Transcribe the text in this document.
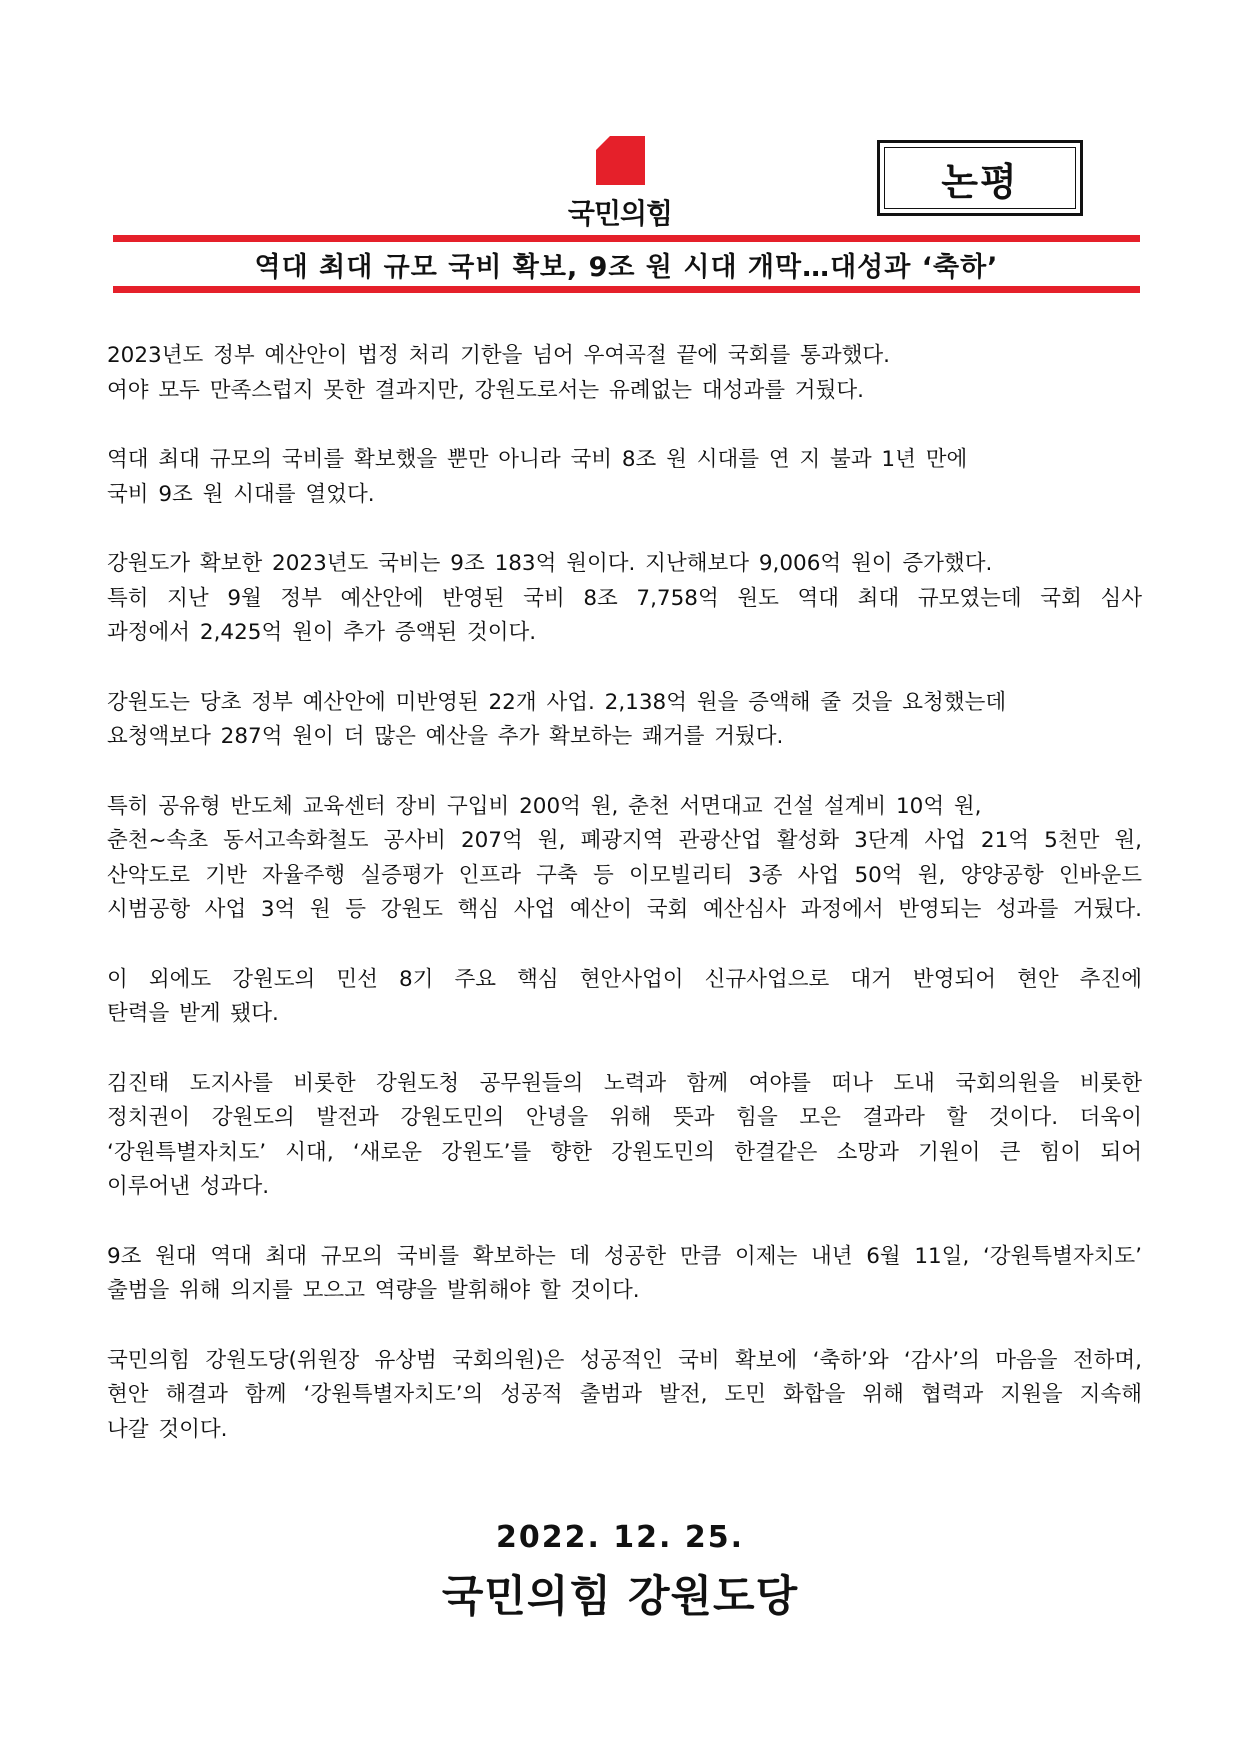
국민의힘
논평
역대 최대 규모 국비 확보, 9조 원 시대 개막…대성과 ‘축하’
2023년도 정부 예산안이 법정 처리 기한을 넘어 우여곡절 끝에 국회를 통과했다.
여야 모두 만족스럽지 못한 결과지만, 강원도로서는 유례없는 대성과를 거뒀다.
역대 최대 규모의 국비를 확보했을 뿐만 아니라 국비 8조 원 시대를 연 지 불과 1년 만에
국비 9조 원 시대를 열었다.
강원도가 확보한 2023년도 국비는 9조 183억 원이다. 지난해보다 9,006억 원이 증가했다.
특히 지난 9월 정부 예산안에 반영된 국비 8조 7,758억 원도 역대 최대 규모였는데 국회 심사
과정에서 2,425억 원이 추가 증액된 것이다.
강원도는 당초 정부 예산안에 미반영된 22개 사업. 2,138억 원을 증액해 줄 것을 요청했는데
요청액보다 287억 원이 더 많은 예산을 추가 확보하는 쾌거를 거뒀다.
특히 공유형 반도체 교육센터 장비 구입비 200억 원, 춘천 서면대교 건설 설계비 10억 원,
춘천~속초 동서고속화철도 공사비 207억 원, 폐광지역 관광산업 활성화 3단계 사업 21억 5천만 원,
산악도로 기반 자율주행 실증평가 인프라 구축 등 이모빌리티 3종 사업 50억 원, 양양공항 인바운드
시범공항 사업 3억 원 등 강원도 핵심 사업 예산이 국회 예산심사 과정에서 반영되는 성과를 거뒀다.
이 외에도 강원도의 민선 8기 주요 핵심 현안사업이 신규사업으로 대거 반영되어 현안 추진에
탄력을 받게 됐다.
김진태 도지사를 비롯한 강원도청 공무원들의 노력과 함께 여야를 떠나 도내 국회의원을 비롯한
정치권이 강원도의 발전과 강원도민의 안녕을 위해 뜻과 힘을 모은 결과라 할 것이다. 더욱이
‘강원특별자치도’ 시대, ‘새로운 강원도’를 향한 강원도민의 한결같은 소망과 기원이 큰 힘이 되어
이루어낸 성과다.
9조 원대 역대 최대 규모의 국비를 확보하는 데 성공한 만큼 이제는 내년 6월 11일, ‘강원특별자치도’
출범을 위해 의지를 모으고 역량을 발휘해야 할 것이다.
국민의힘 강원도당(위원장 유상범 국회의원)은 성공적인 국비 확보에 ‘축하’와 ‘감사’의 마음을 전하며,
현안 해결과 함께 ‘강원특별자치도’의 성공적 출범과 발전, 도민 화합을 위해 협력과 지원을 지속해
나갈 것이다.
2022. 12. 25.
국민의힘 강원도당
